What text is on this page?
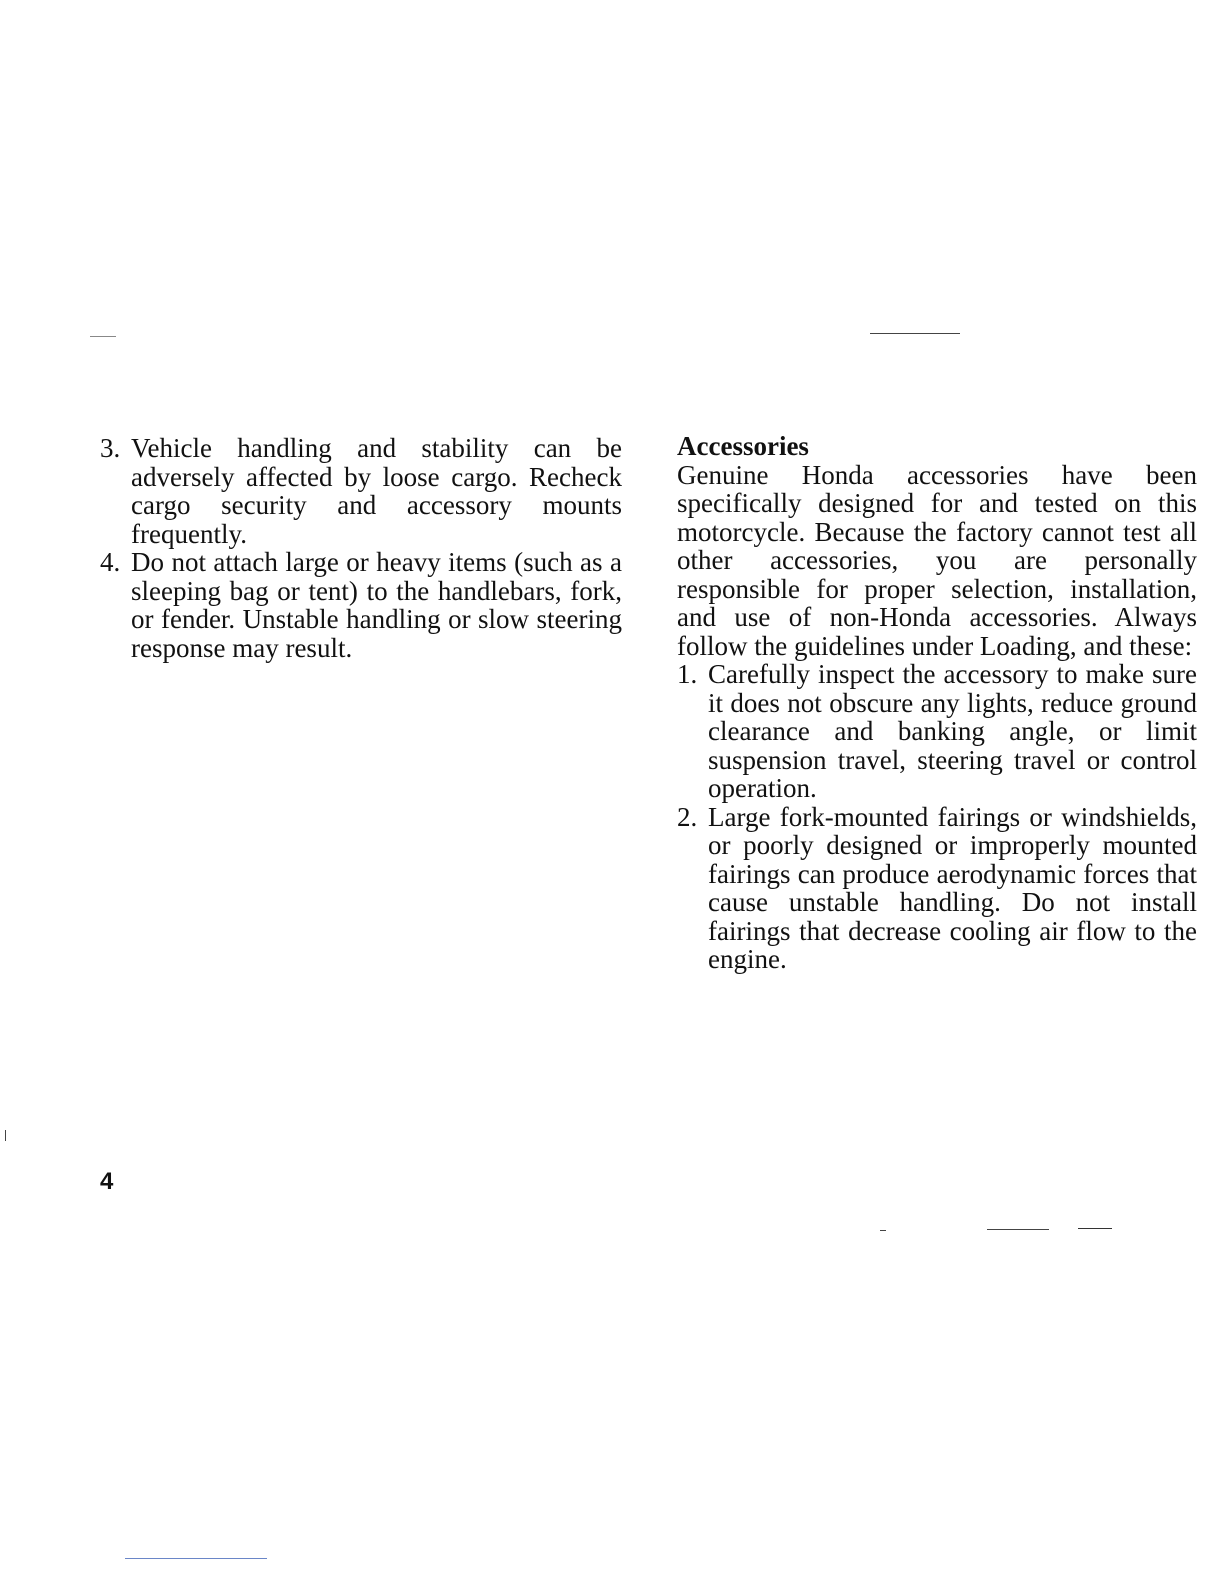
3. Vehicle handling and stability can be adversely affected by loose cargo. Recheck cargo security and accessory mounts frequently.
4. Do not attach large or heavy items (such as a sleeping bag or tent) to the handlebars, fork, or fender. Unstable handling or slow steering response may result.
Accessories

Genuine Honda accessories have been specifically designed for and tested on this motorcycle. Because the factory cannot test all other accessories, you are personally responsible for proper selection, installation, and use of non-Honda accessories. Always follow the guidelines under Loading, and these:

1. Carefully inspect the accessory to make sure it does not obscure any lights, reduce ground clearance and banking angle, or limit suspension travel, steering travel or control operation.
2. Large fork-mounted fairings or windshields, or poorly designed or improperly mounted fairings can produce aerodynamic forces that cause unstable handling. Do not install fairings that decrease cooling air flow to the engine.
4
